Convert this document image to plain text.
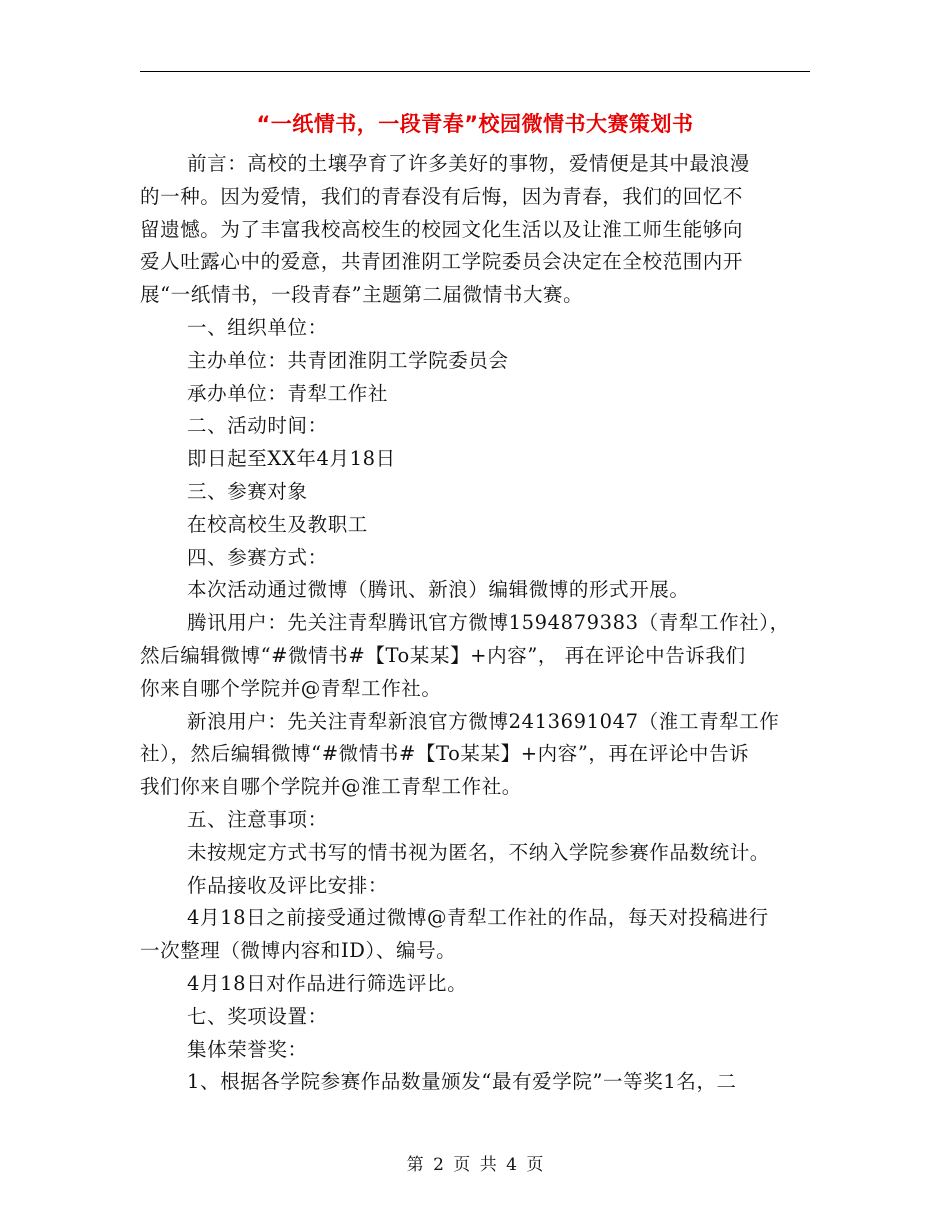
“一纸情书，一段青春”校园微情书大赛策划书

前言：高校的土壤孕育了许多美好的事物，爱情便是其中最浪漫

的一种。因为爱情，我们的青春没有后悔，因为青春，我们的回忆不

留遗憾。为了丰富我校高校生的校园文化生活以及让淮工师生能够向

爱人吐露心中的爱意，共青团淮阴工学院委员会决定在全校范围内开

展“一纸情书，一段青春”主题第二届微情书大赛。

一、组织单位：

主办单位：共青团淮阴工学院委员会

承办单位：青犁工作社

二、活动时间：

即日起至XX年4月18日

三、参赛对象

在校高校生及教职工

四、参赛方式：

本次活动通过微博（腾讯、新浪）编辑微博的形式开展。

腾讯用户：先关注青犁腾讯官方微博1594879383（青犁工作社），

然后编辑微博“#微情书#【To某某】+内容”， 再在评论中告诉我们

你来自哪个学院并@青犁工作社。

新浪用户：先关注青犁新浪官方微博2413691047（淮工青犁工作

社），然后编辑微博“#微情书#【To某某】+内容”，再在评论中告诉

我们你来自哪个学院并@淮工青犁工作社。

五、注意事项：

未按规定方式书写的情书视为匿名，不纳入学院参赛作品数统计。

作品接收及评比安排：

4月18日之前接受通过微博@青犁工作社的作品，每天对投稿进行

一次整理（微博内容和ID）、编号。

4月18日对作品进行筛选评比。

七、奖项设置：

集体荣誉奖：

1、根据各学院参赛作品数量颁发“最有爱学院”一等奖1名，二

第 2 页 共 4 页
